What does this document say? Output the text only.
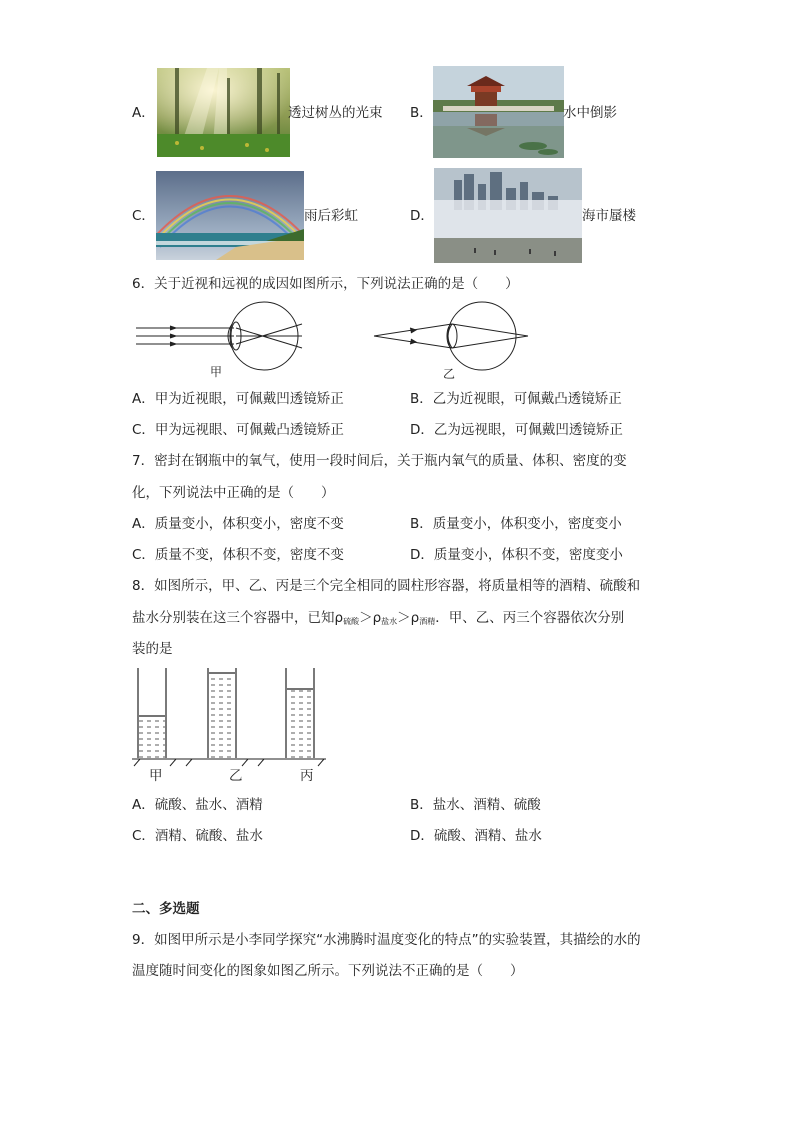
A．	透过树丛的光束 B．	水中倒影
C．	雨后彩虹	D．	海市蜃楼
6．关于近视和远视的成因如图所示，下列说法正确的是（　　）
甲	乙
A．甲为近视眼，可佩戴凹透镜矫正	B．乙为近视眼，可佩戴凸透镜矫正
C．甲为远视眼、可佩戴凸透镜矫正	D．乙为远视眼，可佩戴凹透镜矫正
7．密封在钢瓶中的氧气，使用一段时间后，关于瓶内氧气的质量、体积、密度的变
化，下列说法中正确的是（　　）
A．质量变小，体积变小，密度不变	B．质量变小，体积变小，密度变小
C．质量不变，体积不变，密度不变	D．质量变小，体积不变，密度变小
8．如图所示，甲、乙、丙是三个完全相同的圆柱形容器，将质量相等的酒精、硫酸和
盐水分别装在这三个容器中，已知$\rho_{硫酸}>\rho_{盐水}>\rho_{酒精}$．甲、乙、丙三个容器依次分别
装的是
甲	乙	丙
A．硫酸、盐水、酒精	B．盐水、酒精、硫酸
C．酒精、硫酸、盐水	D．硫酸、酒精、盐水
二、多选题
9．如图甲所示是小李同学探究“水沸腾时温度变化的特点”的实验装置，其描绘的水的
温度随时间变化的图象如图乙所示。下列说法不正确的是（　　）
